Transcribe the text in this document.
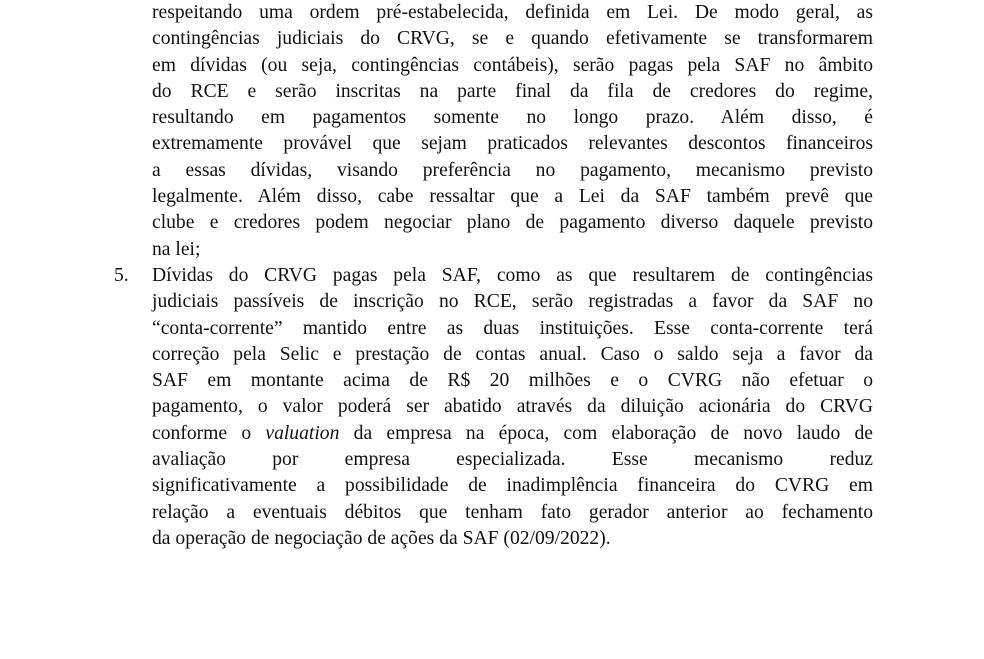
respeitando uma ordem pré-estabelecida, definida em Lei. De modo geral, as
contingências judiciais do CRVG, se e quando efetivamente se transformarem
em dívidas (ou seja, contingências contábeis), serão pagas pela SAF no âmbito
do RCE e serão inscritas na parte final da fila de credores do regime,
resultando em pagamentos somente no longo prazo. Além disso, é
extremamente provável que sejam praticados relevantes descontos financeiros
a essas dívidas, visando preferência no pagamento, mecanismo previsto
legalmente. Além disso, cabe ressaltar que a Lei da SAF também prevê que
clube e credores podem negociar plano de pagamento diverso daquele previsto
na lei;

5.	Dívidas do CRVG pagas pela SAF, como as que resultarem de contingências
judiciais passíveis de inscrição no RCE, serão registradas a favor da SAF no
“conta-corrente” mantido entre as duas instituições. Esse conta-corrente terá
correção pela Selic e prestação de contas anual. Caso o saldo seja a favor da
SAF em montante acima de R$ 20 milhões e o CVRG não efetuar o
pagamento, o valor poderá ser abatido através da diluição acionária do CRVG
conforme o valuation da empresa na época, com elaboração de novo laudo de
avaliação por empresa especializada. Esse mecanismo reduz
significativamente a possibilidade de inadimplência financeira do CVRG em
relação a eventuais débitos que tenham fato gerador anterior ao fechamento
da operação de negociação de ações da SAF (02/09/2022).
